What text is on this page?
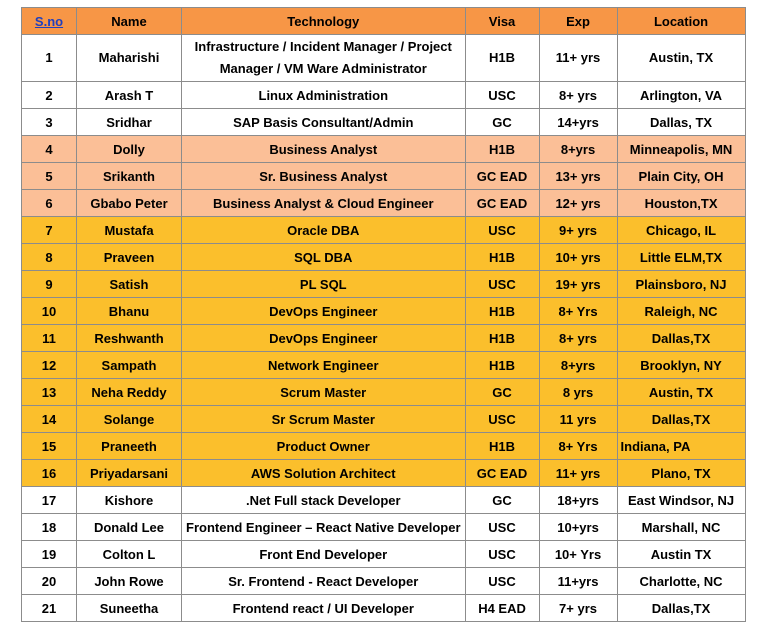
S.no	Name	Technology	Visa	Exp	Location
1	Maharishi	Infrastructure / Incident Manager / Project Manager / VM Ware Administrator	H1B	11+ yrs	Austin, TX
2	Arash T	Linux Administration	USC	8+ yrs	Arlington, VA
3	Sridhar	SAP Basis Consultant/Admin	GC	14+yrs	Dallas, TX
4	Dolly	Business Analyst	H1B	8+yrs	Minneapolis, MN
5	Srikanth	Sr. Business Analyst	GC EAD	13+ yrs	Plain City, OH
6	Gbabo Peter	Business Analyst & Cloud Engineer	GC EAD	12+ yrs	Houston,TX
7	Mustafa	Oracle DBA	USC	9+ yrs	Chicago, IL
8	Praveen	SQL DBA	H1B	10+ yrs	Little ELM,TX
9	Satish	PL SQL	USC	19+ yrs	Plainsboro, NJ
10	Bhanu	DevOps Engineer	H1B	8+ Yrs	Raleigh, NC
11	Reshwanth	DevOps Engineer	H1B	8+ yrs	Dallas,TX
12	Sampath	Network Engineer	H1B	8+yrs	Brooklyn, NY
13	Neha Reddy	Scrum Master	GC	8 yrs	Austin, TX
14	Solange	Sr Scrum Master	USC	11 yrs	Dallas,TX
15	Praneeth	Product Owner	H1B	8+ Yrs	Indiana, PA
16	Priyadarsani	AWS Solution Architect	GC EAD	11+ yrs	Plano, TX
17	Kishore	.Net Full stack Developer	GC	18+yrs	East Windsor, NJ
18	Donald Lee	Frontend Engineer – React Native Developer	USC	10+yrs	Marshall, NC
19	Colton L	Front End Developer	USC	10+ Yrs	Austin TX
20	John Rowe	Sr. Frontend - React Developer	USC	11+yrs	Charlotte, NC
21	Suneetha	Frontend react / UI Developer	H4 EAD	7+ yrs	Dallas,TX
